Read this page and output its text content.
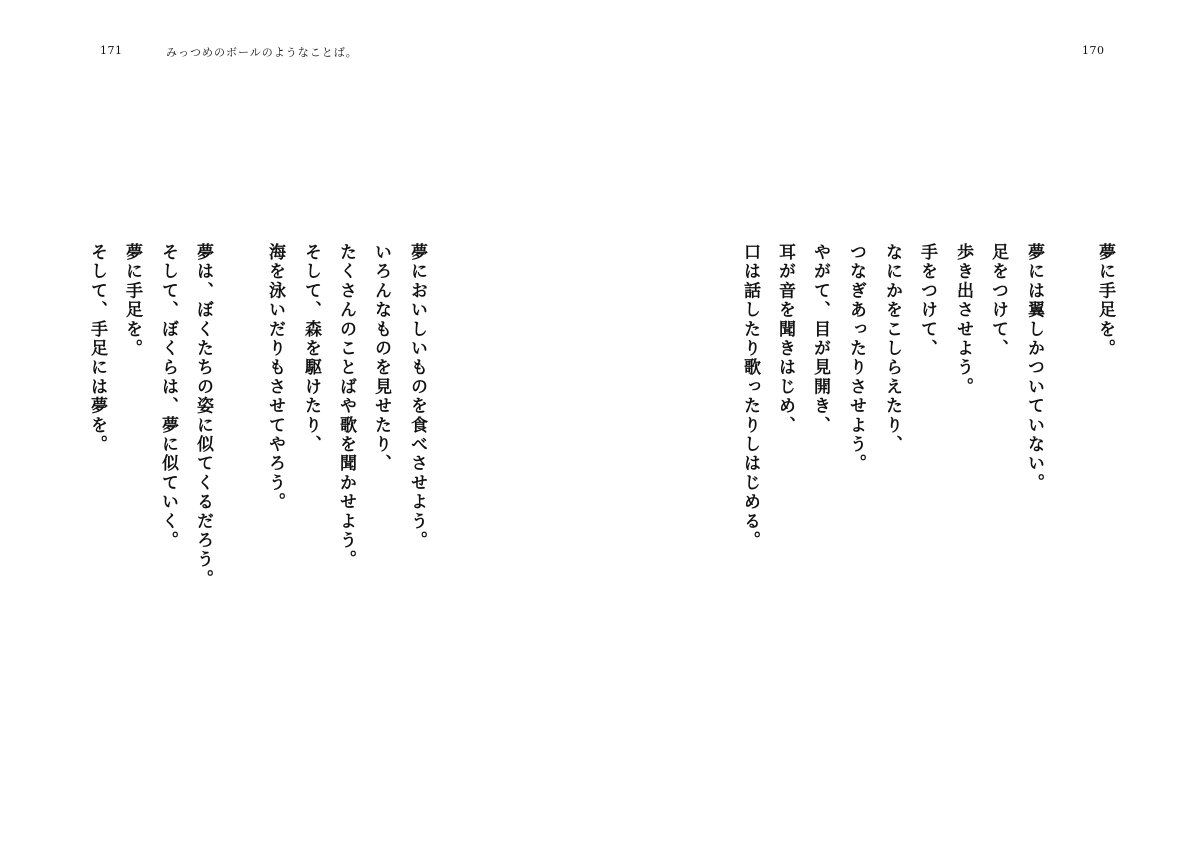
171	みっつめのボールのようなことば。
夢においしいものを食べさせよう。
いろんなものを見せたり、
たくさんのことばや歌を聞かせよう。
そして、森を駆けたり、
海を泳いだりもさせてやろう。
夢は、ぼくたちの姿に似てくるだろう。
そして、ぼくらは、夢に似ていく。
夢に手足を。
そして、手足には夢を。
170
夢に手足を。
夢には翼しかついていない。
足をつけて、
歩き出させよう。
手をつけて、
なにかをこしらえたり、
つなぎあったりさせよう。
やがて、目が見開き、
耳が音を聞きはじめ、
口は話したり歌ったりしはじめる。
